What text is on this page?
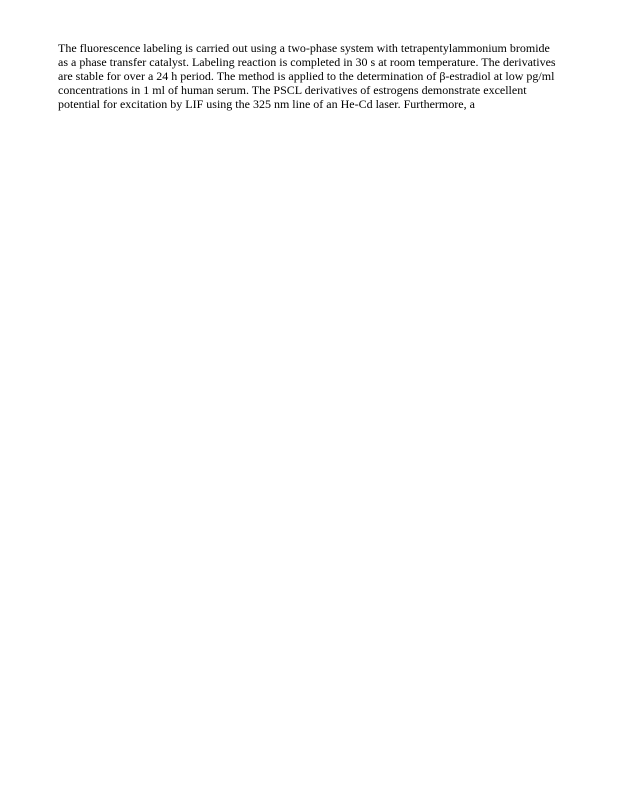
The fluorescence labeling is carried out using a two-phase system with tetrapentylammonium bromide
as a phase transfer catalyst. Labeling reaction is completed in 30 s at room temperature. The derivatives
are stable for over a 24 h period. The method is applied to the determination of β-estradiol at low pg/ml
concentrations in 1 ml of human serum. The PSCL derivatives of estrogens demonstrate excellent
potential for excitation by LIF using the 325 nm line of an He-Cd laser. Furthermore, a
